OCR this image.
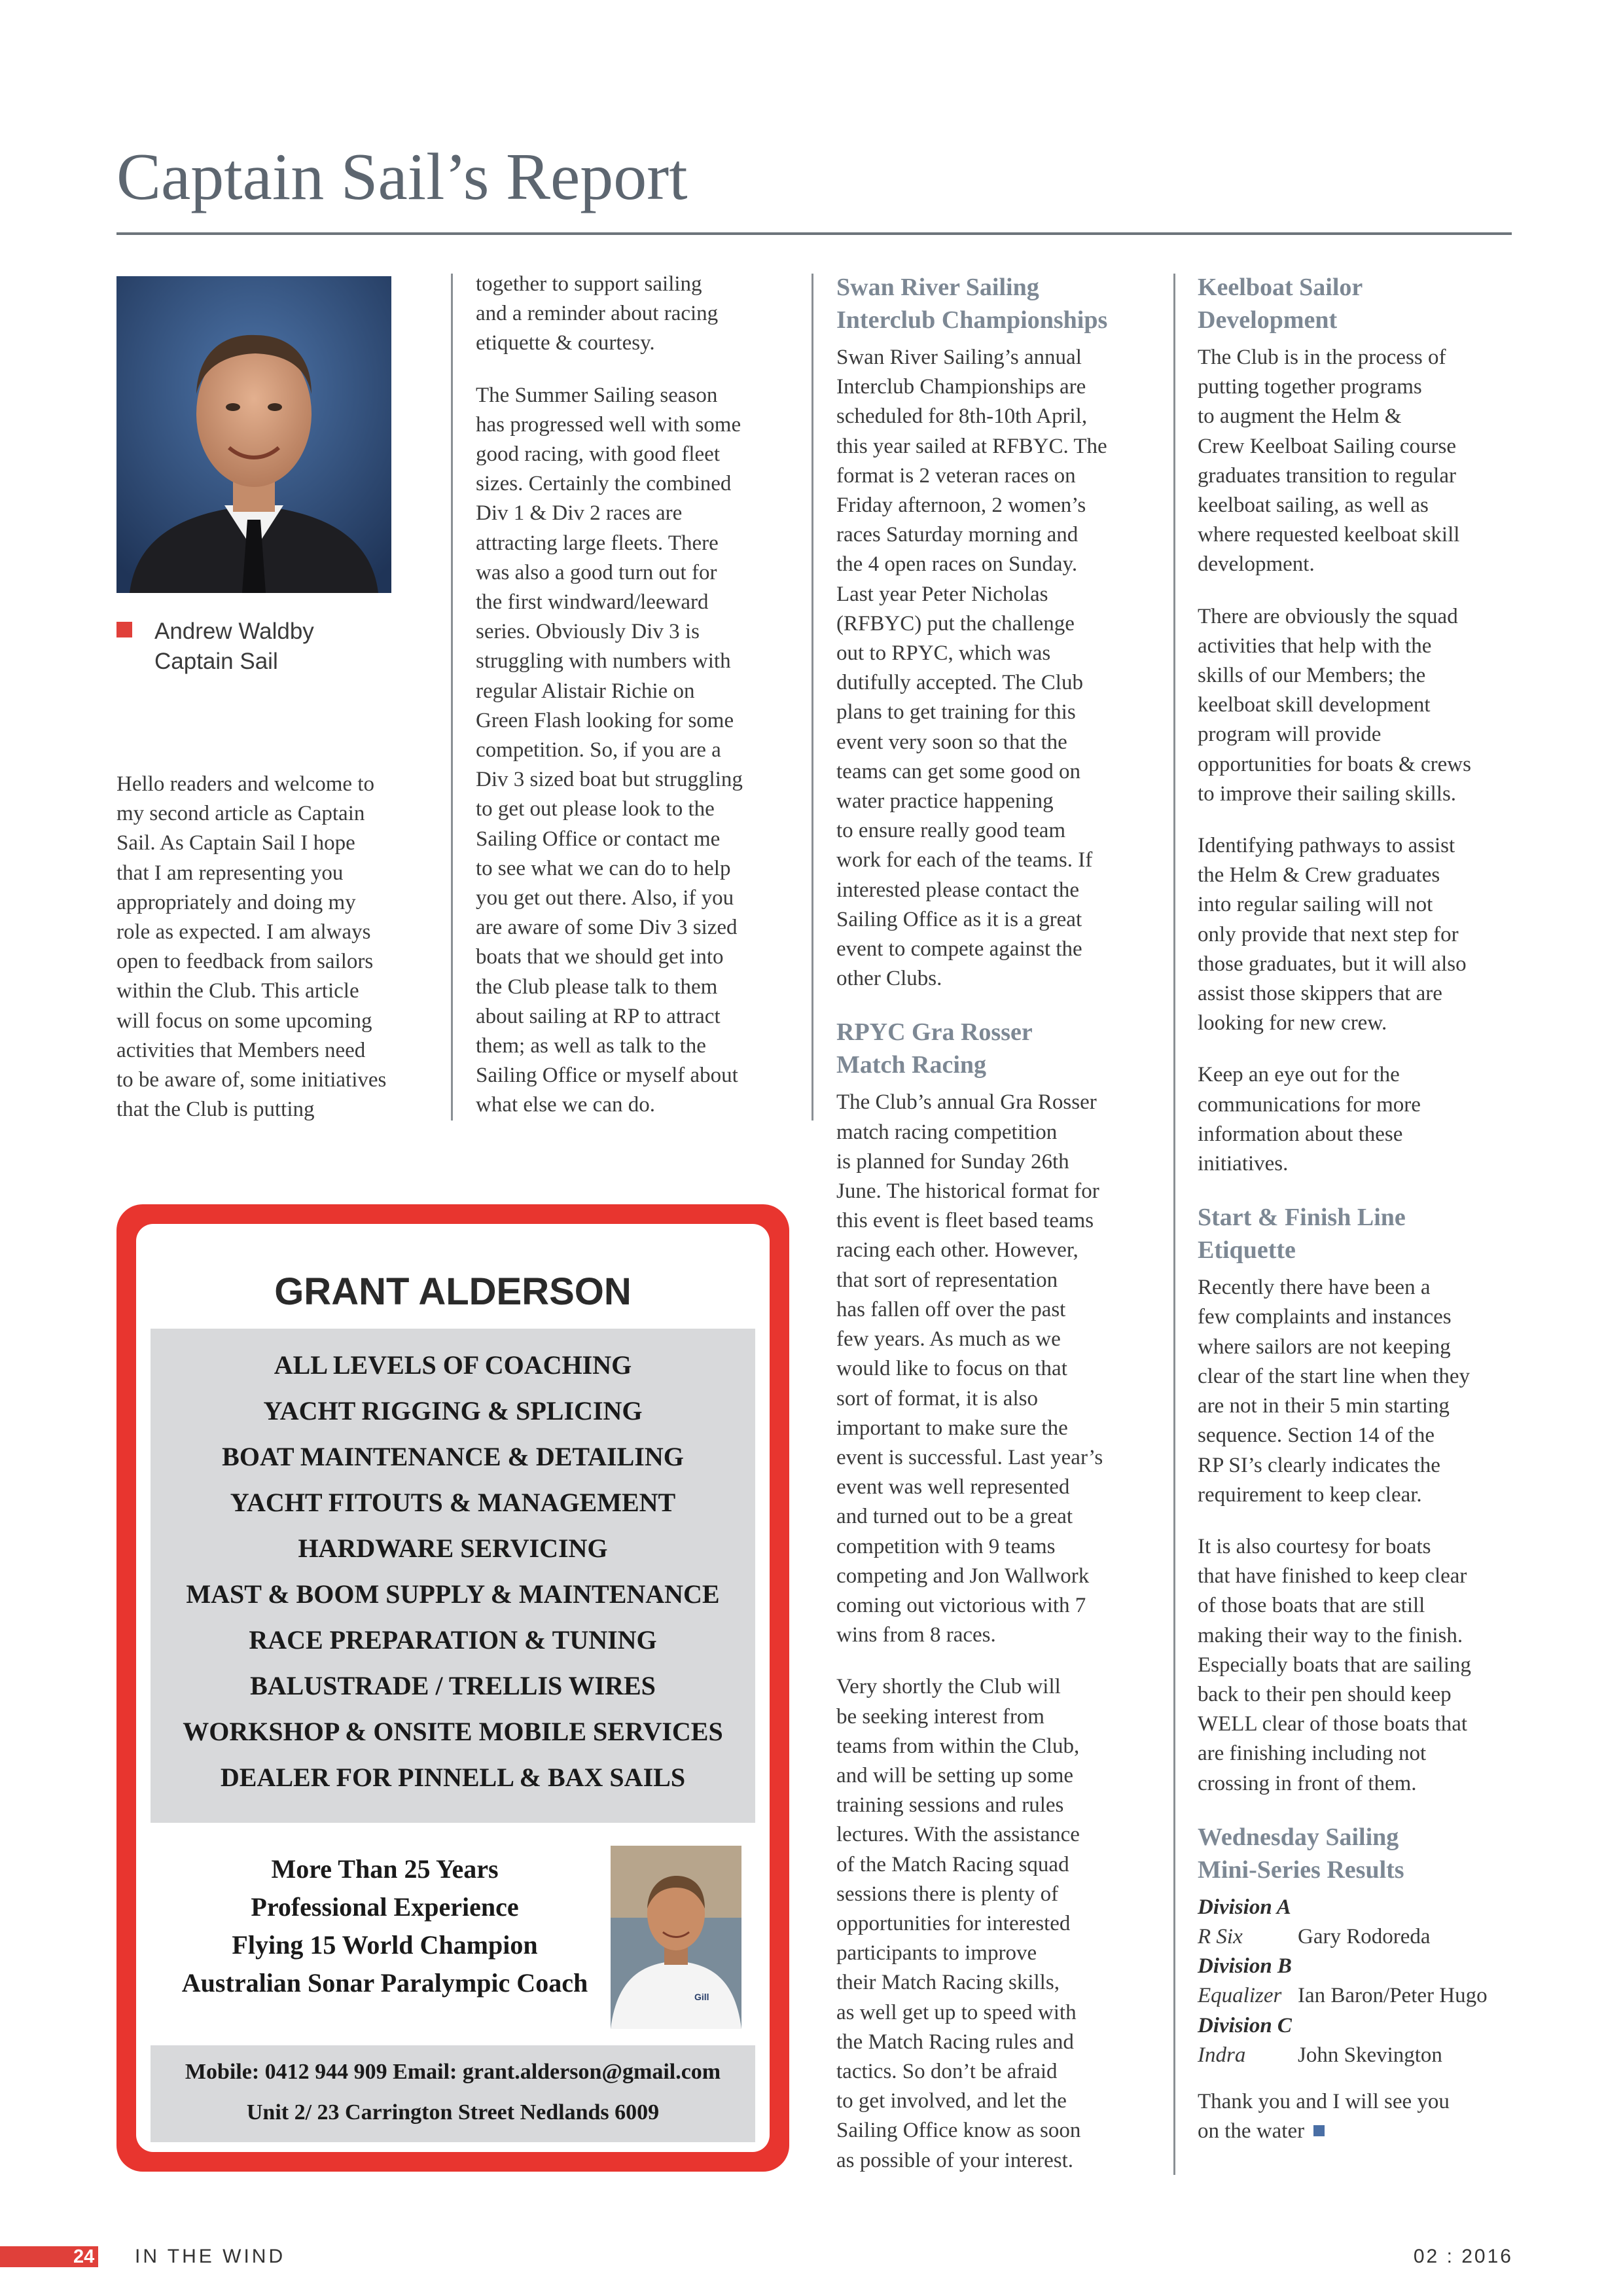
Captain Sail’s Report
Andrew Waldby
Captain Sail

Hello readers and welcome to
my second article as Captain
Sail. As Captain Sail I hope
that I am representing you
appropriately and doing my
role as expected. I am always
open to feedback from sailors
within the Club. This article
will focus on some upcoming
activities that Members need
to be aware of, some initiatives
that the Club is putting

together to support sailing
and a reminder about racing
etiquette & courtesy.

The Summer Sailing season
has progressed well with some
good racing, with good fleet
sizes. Certainly the combined
Div 1 & Div 2 races are
attracting large fleets. There
was also a good turn out for
the first windward/leeward
series. Obviously Div 3 is
struggling with numbers with
regular Alistair Richie on
Green Flash looking for some
competition. So, if you are a
Div 3 sized boat but struggling
to get out please look to the
Sailing Office or contact me
to see what we can do to help
you get out there. Also, if you
are aware of some Div 3 sized
boats that we should get into
the Club please talk to them
about sailing at RP to attract
them; as well as talk to the
Sailing Office or myself about
what else we can do.

Swan River Sailing
Interclub Championships

Swan River Sailing’s annual
Interclub Championships are
scheduled for 8th-10th April,
this year sailed at RFBYC. The
format is 2 veteran races on
Friday afternoon, 2 women’s
races Saturday morning and
the 4 open races on Sunday.
Last year Peter Nicholas
(RFBYC) put the challenge
out to RPYC, which was
dutifully accepted. The Club
plans to get training for this
event very soon so that the
teams can get some good on
water practice happening
to ensure really good team
work for each of the teams. If
interested please contact the
Sailing Office as it is a great
event to compete against the
other Clubs.

RPYC Gra Rosser
Match Racing

The Club’s annual Gra Rosser
match racing competition
is planned for Sunday 26th
June. The historical format for
this event is fleet based teams
racing each other. However,
that sort of representation
has fallen off over the past
few years. As much as we
would like to focus on that
sort of format, it is also
important to make sure the
event is successful. Last year’s
event was well represented
and turned out to be a great
competition with 9 teams
competing and Jon Wallwork
coming out victorious with 7
wins from 8 races.

Very shortly the Club will
be seeking interest from
teams from within the Club,
and will be setting up some
training sessions and rules
lectures. With the assistance
of the Match Racing squad
sessions there is plenty of
opportunities for interested
participants to improve
their Match Racing skills,
as well get up to speed with
the Match Racing rules and
tactics. So don’t be afraid
to get involved, and let the
Sailing Office know as soon
as possible of your interest.

Keelboat Sailor
Development

The Club is in the process of
putting together programs
to augment the Helm &
Crew Keelboat Sailing course
graduates transition to regular
keelboat sailing, as well as
where requested keelboat skill
development.

There are obviously the squad
activities that help with the
skills of our Members; the
keelboat skill development
program will provide
opportunities for boats & crews
to improve their sailing skills.

Identifying pathways to assist
the Helm & Crew graduates
into regular sailing will not
only provide that next step for
those graduates, but it will also
assist those skippers that are
looking for new crew.

Keep an eye out for the
communications for more
information about these
initiatives.

Start & Finish Line
Etiquette

Recently there have been a
few complaints and instances
where sailors are not keeping
clear of the start line when they
are not in their 5 min starting
sequence. Section 14 of the
RP SI’s clearly indicates the
requirement to keep clear.

It is also courtesy for boats
that have finished to keep clear
of those boats that are still
making their way to the finish.
Especially boats that are sailing
back to their pen should keep
WELL clear of those boats that
are finishing including not
crossing in front of them.

Wednesday Sailing
Mini-Series Results
Division A
R Six	Gary Rodoreda
Division B
Equalizer Ian Baron/Peter Hugo
Division C
Indra	John Skevington

Thank you and I will see you
on the water

GRANT ALDERSON
ALL LEVELS OF COACHING
YACHT RIGGING & SPLICING
BOAT MAINTENANCE & DETAILING
YACHT FITOUTS & MANAGEMENT
HARDWARE SERVICING
MAST & BOOM SUPPLY & MAINTENANCE
RACE PREPARATION & TUNING
BALUSTRADE / TRELLIS WIRES
WORKSHOP & ONSITE MOBILE SERVICES
DEALER FOR PINNELL & BAX SAILS
More Than 25 Years
Professional Experience
Flying 15 World Champion
Australian Sonar Paralympic Coach	Gill
Mobile: 0412 944 909 Email: grant.alderson@gmail.com
Unit 2/ 23 Carrington Street Nedlands 6009
24 IN THE WIND	02 : 2016
